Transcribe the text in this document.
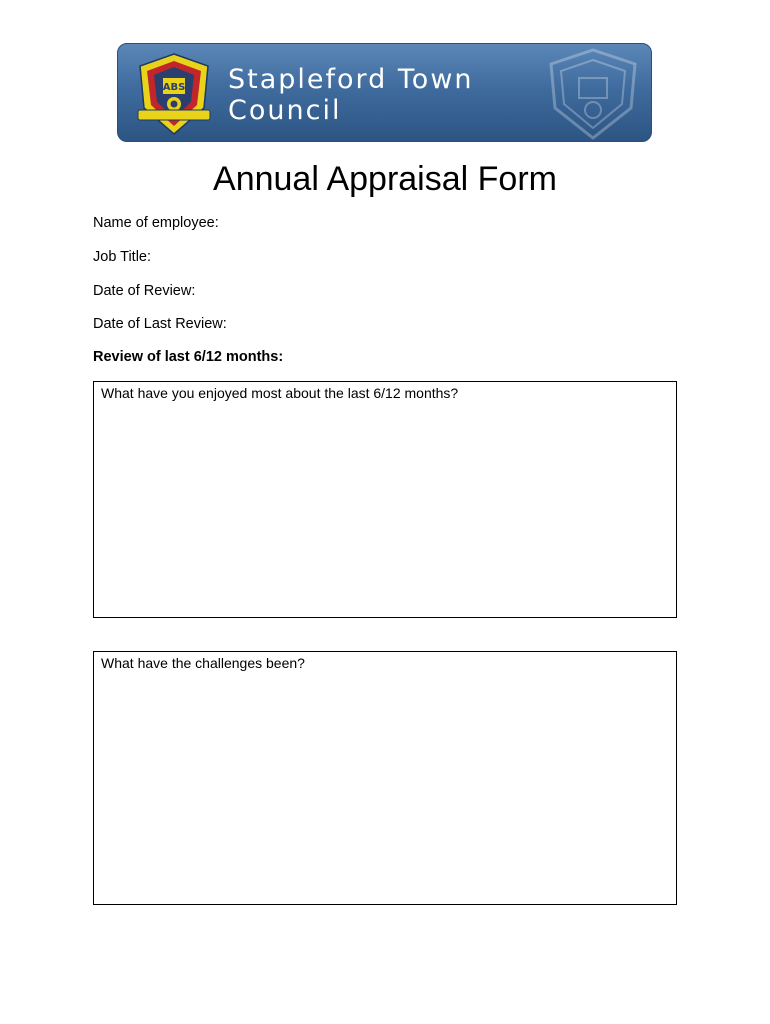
ABS Stapleford Town
Council
Annual Appraisal Form

Name of employee:

Job Title:

Date of Review:

Date of Last Review:

Review of last 6/12 months:

What have you enjoyed most about the last 6/12 months?
What have the challenges been?
